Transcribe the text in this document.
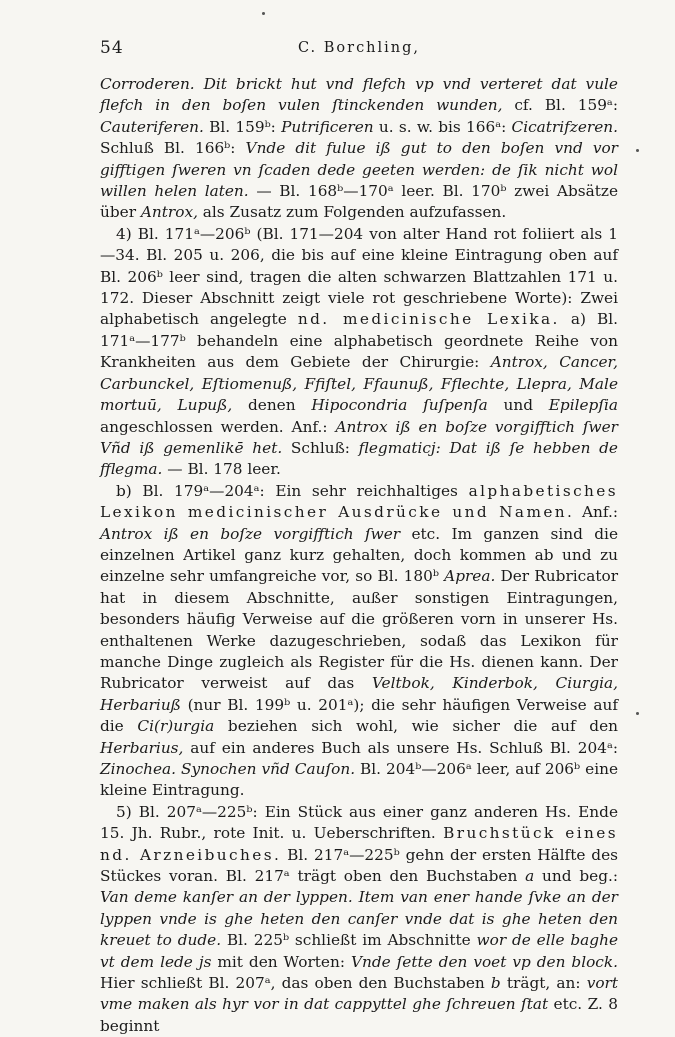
54	C. Borchling,

Corroderen. Dit brickt hut vnd flefch vp vnd verteret dat vule flefch in den boſen vulen ſtinckenden wunden, cf. Bl. 159ᵃ: Cauteriferen. Bl. 159ᵇ: Putrificeren u. s. w. bis 166ᵃ: Cicatrifzeren. Schluß Bl. 166ᵇ: Vnde dit fulue iß gut to den boſen vnd vor gifftigen ſweren vn ſcaden dede geeten werden: de ſik nicht wol willen helen laten. — Bl. 168ᵇ—170ᵃ leer. Bl. 170ᵇ zwei Absätze über Antrox, als Zusatz zum Folgenden aufzufassen.

4) Bl. 171ᵃ—206ᵇ (Bl. 171—204 von alter Hand rot foliiert als 1—34. Bl. 205 u. 206, die bis auf eine kleine Eintragung oben auf Bl. 206ᵇ leer sind, tragen die alten schwarzen Blattzahlen 171 u. 172. Dieser Abschnitt zeigt viele rot geschriebene Worte): Zwei alphabetisch angelegte nd. medicinische Lexika. a) Bl. 171ᵃ—177ᵇ behandeln eine alphabetisch geordnete Reihe von Krankheiten aus dem Gebiete der Chirurgie: Antrox, Cancer, Carbunckel, Eſtiomenuß, Ffiſtel, Ffaunuß, Fflechte, Llepra, Male mortuū, Lupuß, denen Hipocondria ſuſpenſa und Epilepſia angeschlossen werden. Anf.: Antrox iß en boſze vorgifftich ſwer Vñd iß gemenlikē het. Schluß: flegmaticj: Dat iß ſe hebben de fflegma. — Bl. 178 leer.

b) Bl. 179ᵃ—204ᵃ: Ein sehr reichhaltiges alphabetisches Lexikon medicinischer Ausdrücke und Namen. Anf.: Antrox iß en boſze vorgifftich ſwer etc. Im ganzen sind die einzelnen Artikel ganz kurz gehalten, doch kommen ab und zu einzelne sehr umfangreiche vor, so Bl. 180ᵇ Aprea. Der Rubricator hat in diesem Abschnitte, außer sonstigen Eintragungen, besonders häufig Verweise auf die größeren vorn in unserer Hs. enthaltenen Werke dazugeschrieben, sodaß das Lexikon für manche Dinge zugleich als Register für die Hs. dienen kann. Der Rubricator verweist auf das Veltbok, Kinderbok, Ciurgia, Herbariuß (nur Bl. 199ᵇ u. 201ᵃ); die sehr häufigen Verweise auf die Ci(r)urgia beziehen sich wohl, wie sicher die auf den Herbarius, auf ein anderes Buch als unsere Hs. Schluß Bl. 204ᵃ: Zinochea. Synochen vñd Cauſon. Bl. 204ᵇ—206ᵃ leer, auf 206ᵇ eine kleine Eintragung.

5) Bl. 207ᵃ—225ᵇ: Ein Stück aus einer ganz anderen Hs. Ende 15. Jh. Rubr., rote Init. u. Ueberschriften. Bruchstück eines nd. Arzneibuches. Bl. 217ᵃ—225ᵇ gehn der ersten Hälfte des Stückes voran. Bl. 217ᵃ trägt oben den Buchstaben a und beg.: Van deme kanſer an der lyppen. Item van ener hande ſvke an der lyppen vnde is ghe heten den canſer vnde dat is ghe heten den kreuet to dude. Bl. 225ᵇ schließt im Abschnitte wor de elle baghe vt dem lede js mit den Worten: Vnde ſette den voet vp den block. Hier schließt Bl. 207ᵃ, das oben den Buchstaben b trägt, an: vort vme maken als hyr vor in dat cappyttel ghe ſchreuen ſtat etc. Z. 8 beginnt
